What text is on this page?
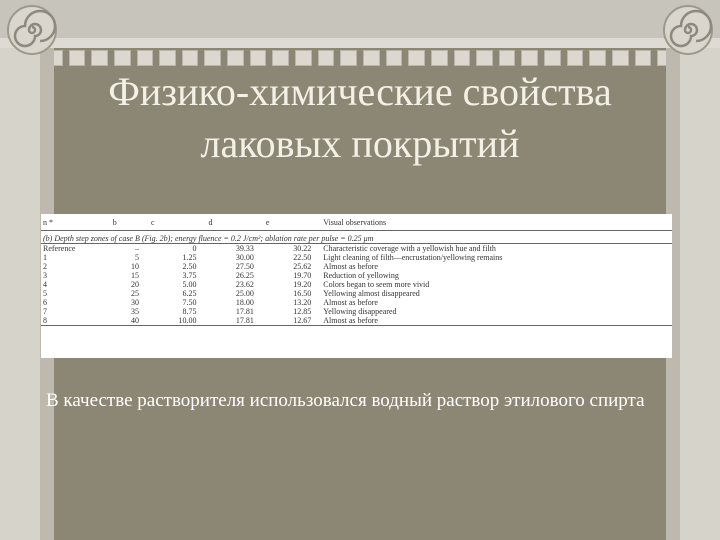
Физико-химические свойства
лаковых покрытий
n *	b	c	d	e	Visual observations
(b) Depth step zones of case B (Fig. 2b); energy fluence = 0.2 J/cm²; ablation rate per pulse = 0.25 μm					
Reference	–	0	39.33	30.22	Characteristic coverage with a yellowish hue and filth
1	5	1.25	30.00	22.50	Light cleaning of filth—encrustation/yellowing remains
2	10	2.50	27.50	25.62	Almost as before
3	15	3.75	26.25	19.70	Reduction of yellowing
4	20	5.00	23.62	19.20	Colors began to seem more vivid
5	25	6.25	25.00	16.50	Yellowing almost disappeared
6	30	7.50	18.00	13.20	Almost as before
7	35	8.75	17.81	12.85	Yellowing disappeared
8	40	10.00	17.81	12.67	Almost as before
В качестве растворителя использовался водный раствор этилового спирта
